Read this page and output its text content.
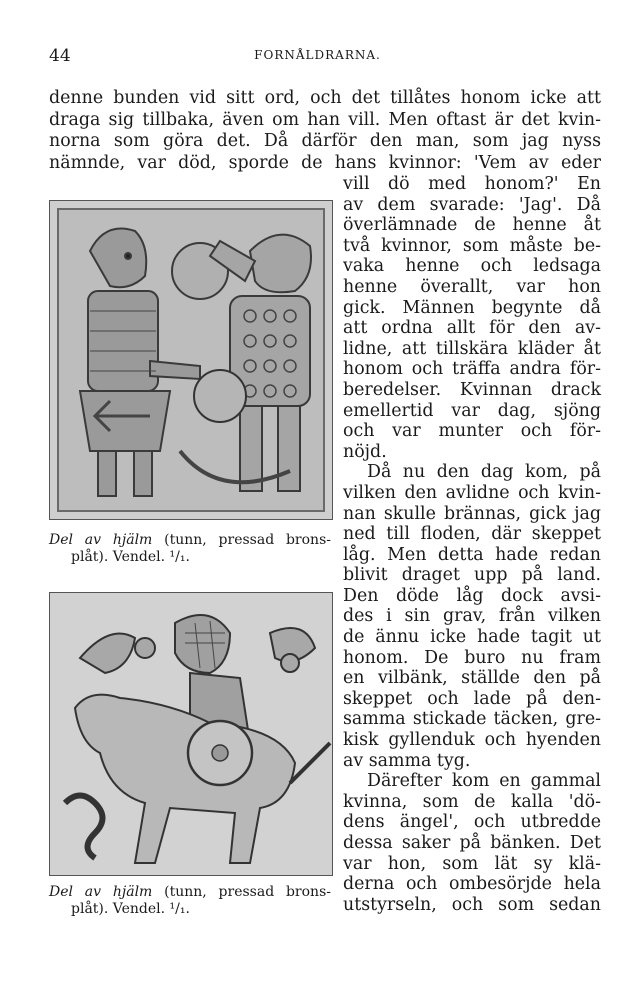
44	FORNÅLDRARNA.
denne bunden vid sitt ord, och det tillåtes honom icke att
draga sig tillbaka, även om han vill. Men oftast är det kvin-
norna som göra det. Då därför den man, som jag nyss
nämnde, var död, sporde de hans kvinnor: 'Vem av eder
Del av hjälm (tunn, pressad brons-
plåt). Vendel. ¹/₁.
Del av hjälm (tunn, pressad brons-
plåt). Vendel. ¹/₁.
vill dö med honom?' En
av dem svarade: 'Jag'. Då
överlämnade de henne åt
två kvinnor, som måste be-
vaka henne och ledsaga
henne överallt, var hon
gick. Männen begynte då
att ordna allt för den av-
lidne, att tillskära kläder åt
honom och träffa andra för-
beredelser. Kvinnan drack
emellertid var dag, sjöng
och var munter och för-
nöjd.
Då nu den dag kom, på
vilken den avlidne och kvin-
nan skulle brännas, gick jag
ned till floden, där skeppet
låg. Men detta hade redan
blivit draget upp på land.
Den döde låg dock avsi-
des i sin grav, från vilken
de ännu icke hade tagit ut
honom. De buro nu fram
en vilbänk, ställde den på
skeppet och lade på den-
samma stickade täcken, gre-
kisk gyllenduk och hyenden
av samma tyg.
Därefter kom en gammal
kvinna, som de kalla 'dö-
dens ängel', och utbredde
dessa saker på bänken. Det
var hon, som lät sy klä-
derna och ombesörjde hela
utstyrseln, och som sedan
